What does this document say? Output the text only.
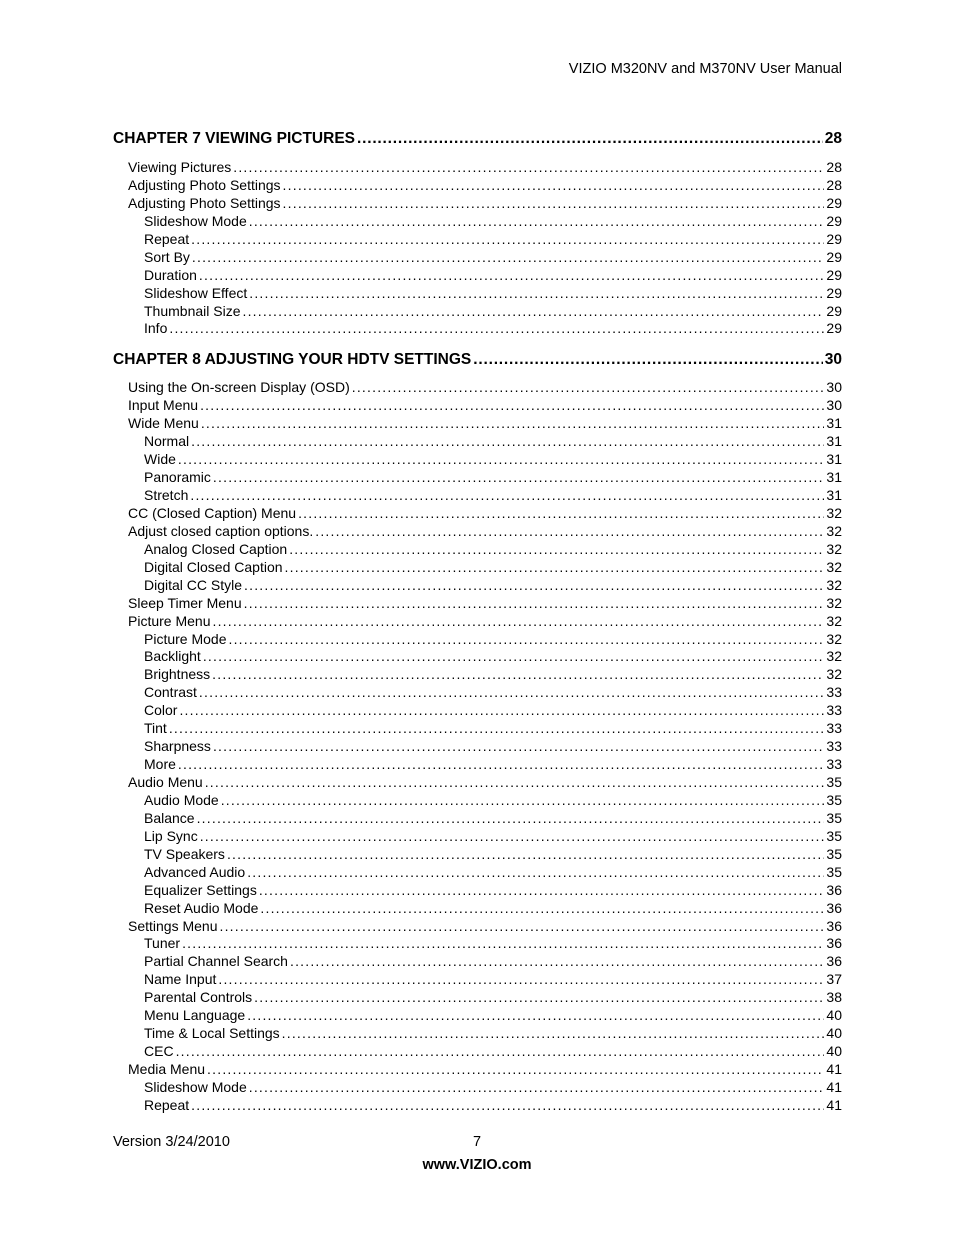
VIZIO M320NV and M370NV User Manual
CHAPTER 7 VIEWING PICTURES .....	28
Viewing Pictures .....	28
Adjusting Photo Settings .....	28
Adjusting Photo Settings .....	29
Slideshow Mode .....	29
Repeat .....	29
Sort By .....	29
Duration .....	29
Slideshow Effect .....	29
Thumbnail Size .....	29
Info .....	29
CHAPTER 8 ADJUSTING YOUR HDTV SETTINGS .....	30
Using the On-screen Display (OSD) .....	30
Input Menu .....	30
Wide Menu .....	31
Normal .....	31
Wide .....	31
Panoramic .....	31
Stretch .....	31
CC (Closed Caption) Menu .....	32
Adjust closed caption options. .....	32
Analog Closed Caption .....	32
Digital Closed Caption .....	32
Digital CC Style .....	32
Sleep Timer Menu .....	32
Picture Menu .....	32
Picture Mode .....	32
Backlight .....	32
Brightness .....	32
Contrast .....	33
Color .....	33
Tint .....	33
Sharpness .....	33
More .....	33
Audio Menu .....	35
Audio Mode .....	35
Balance .....	35
Lip Sync .....	35
TV Speakers .....	35
Advanced Audio .....	35
Equalizer Settings .....	36
Reset Audio Mode .....	36
Settings Menu .....	36
Tuner .....	36
Partial Channel Search .....	36
Name Input .....	37
Parental Controls .....	38
Menu Language .....	40
Time & Local Settings .....	40
CEC .....	40
Media Menu .....	41
Slideshow Mode .....	41
Repeat .....	41
Version 3/24/2010	7
www.VIZIO.com
